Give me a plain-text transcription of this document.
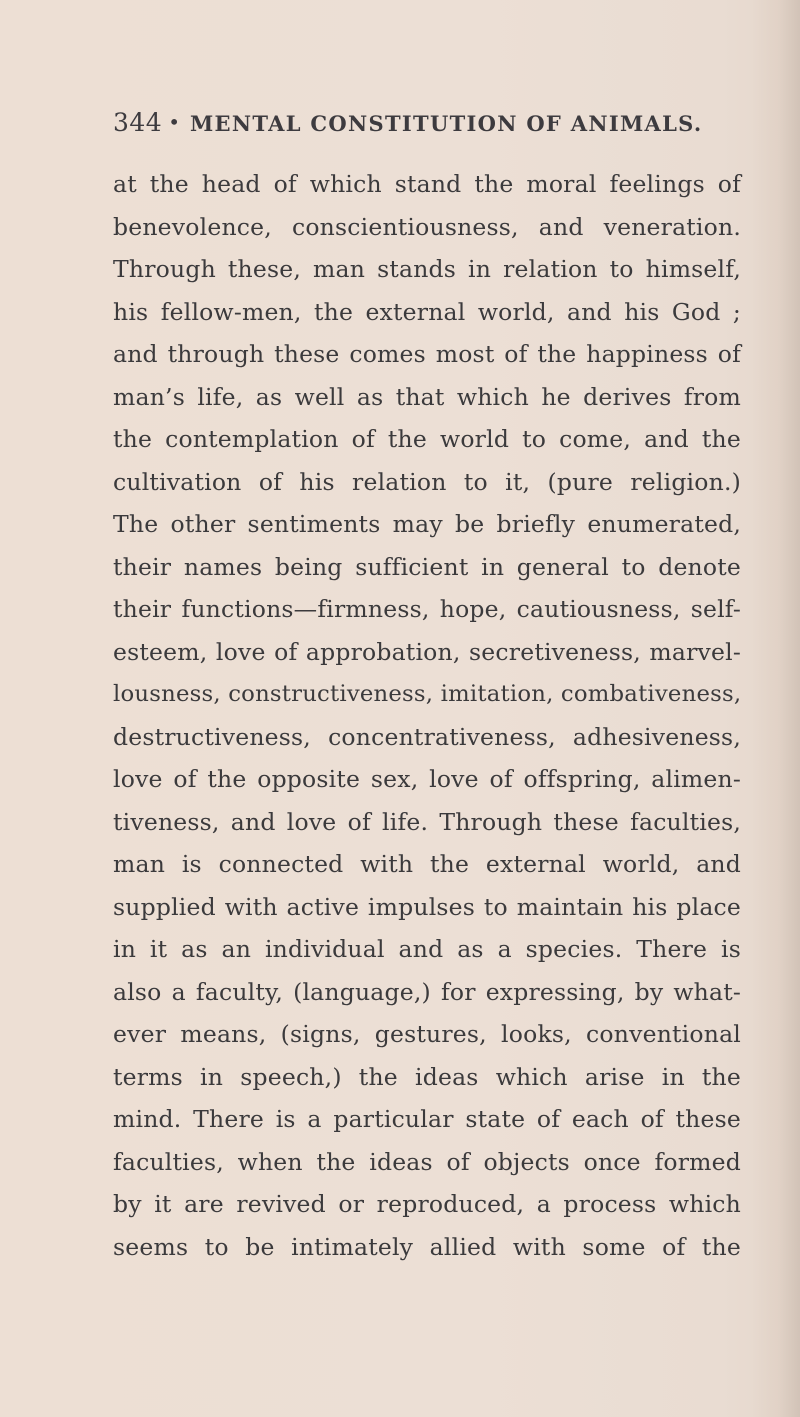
344 • MENTAL CONSTITUTION OF ANIMALS.
at the head of which stand the moral feelings of
benevolence, conscientiousness, and veneration.
Through these, man stands in relation to himself,
his fellow-men, the external world, and his God ;
and through these comes most of the happiness of
man’s life, as well as that which he derives from
the contemplation of the world to come, and the
cultivation of his relation to it, (pure religion.)
The other sentiments may be briefly enumerated,
their names being sufficient in general to denote
their functions—firmness, hope, cautiousness, self-
esteem, love of approbation, secretiveness, marvel-
lousness, constructiveness, imitation, combativeness,
destructiveness, concentrativeness, adhesiveness,
love of the opposite sex, love of offspring, alimen-
tiveness, and love of life. Through these faculties,
man is connected with the external world, and
supplied with active impulses to maintain his place
in it as an individual and as a species. There is
also a faculty, (language,) for expressing, by what-
ever means, (signs, gestures, looks, conventional
terms in speech,) the ideas which arise in the
mind. There is a particular state of each of these
faculties, when the ideas of objects once formed
by it are revived or reproduced, a process which
seems to be intimately allied with some of the
